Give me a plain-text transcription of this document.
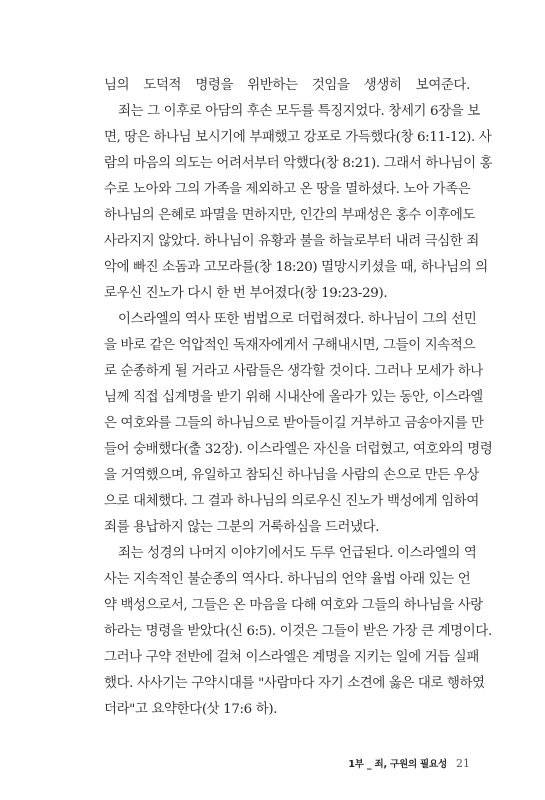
님의 도덕적 명령을 위반하는 것임을 생생히 보여준다.
죄는 그 이후로 아담의 후손 모두를 특징지었다. 창세기 6장을 보
면, 땅은 하나님 보시기에 부패했고 강포로 가득했다(창 6:11-12). 사
람의 마음의 의도는 어려서부터 악했다(창 8:21). 그래서 하나님이 홍
수로 노아와 그의 가족을 제외하고 온 땅을 멸하셨다. 노아 가족은
하나님의 은혜로 파멸을 면하지만, 인간의 부패성은 홍수 이후에도
사라지지 않았다. 하나님이 유황과 불을 하늘로부터 내려 극심한 죄
악에 빠진 소돔과 고모라를(창 18:20) 멸망시키셨을 때, 하나님의 의
로우신 진노가 다시 한 번 부어졌다(창 19:23-29).
이스라엘의 역사 또한 범법으로 더럽혀졌다. 하나님이 그의 선민
을 바로 같은 억압적인 독재자에게서 구해내시면, 그들이 지속적으
로 순종하게 될 거라고 사람들은 생각할 것이다. 그러나 모세가 하나
님께 직접 십계명을 받기 위해 시내산에 올라가 있는 동안, 이스라엘
은 여호와를 그들의 하나님으로 받아들이길 거부하고 금송아지를 만
들어 숭배했다(출 32장). 이스라엘은 자신을 더럽혔고, 여호와의 명령
을 거역했으며, 유일하고 참되신 하나님을 사람의 손으로 만든 우상
으로 대체했다. 그 결과 하나님의 의로우신 진노가 백성에게 임하여
죄를 용납하지 않는 그분의 거룩하심을 드러냈다.
죄는 성경의 나머지 이야기에서도 두루 언급된다. 이스라엘의 역
사는 지속적인 불순종의 역사다. 하나님의 언약 율법 아래 있는 언
약 백성으로서, 그들은 온 마음을 다해 여호와 그들의 하나님을 사랑
하라는 명령을 받았다(신 6:5). 이것은 그들이 받은 가장 큰 계명이다.
그러나 구약 전반에 걸쳐 이스라엘은 계명을 지키는 일에 거듭 실패
했다. 사사기는 구약시대를 "사람마다 자기 소견에 옳은 대로 행하였
더라"고 요약한다(삿 17:6 하).
1부 _ 죄, 구원의 필요성 21
